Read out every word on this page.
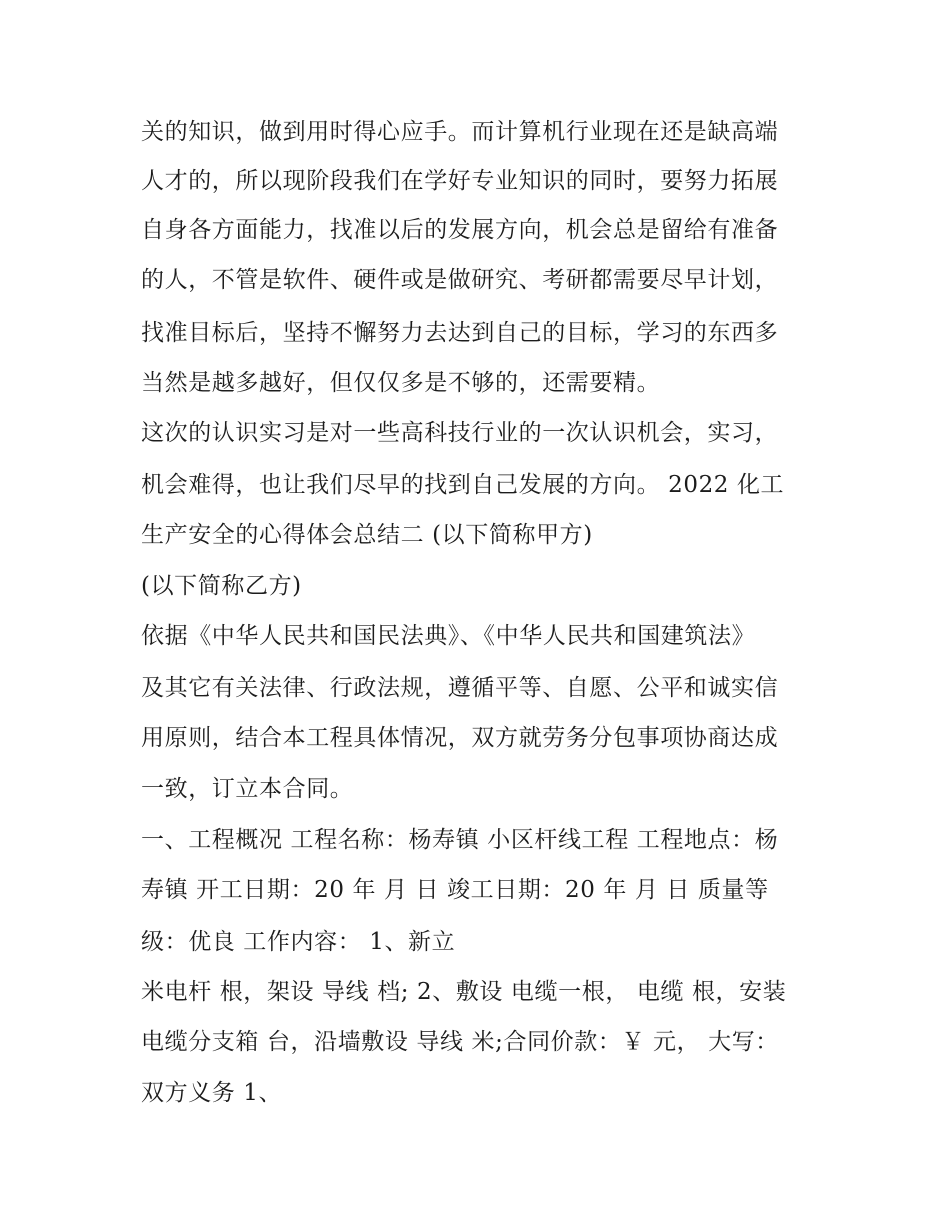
关的知识，做到用时得心应手。而计算机行业现在还是缺高端

人才的，所以现阶段我们在学好专业知识的同时，要努力拓展

自身各方面能力，找准以后的发展方向，机会总是留给有准备

的人，不管是软件、硬件或是做研究、考研都需要尽早计划，

找准目标后，坚持不懈努力去达到自己的目标，学习的东西多

当然是越多越好，但仅仅多是不够的，还需要精。

这次的认识实习是对一些高科技行业的一次认识机会，实习，

机会难得，也让我们尽早的找到自己发展的方向。 2022 化工

生产安全的心得体会总结二 (以下简称甲方)

(以下简称乙方)

依据《中华人民共和国民法典》、《中华人民共和国建筑法》

及其它有关法律、行政法规，遵循平等、自愿、公平和诚实信

用原则，结合本工程具体情况，双方就劳务分包事项协商达成

一致，订立本合同。

一、工程概况 工程名称：杨寿镇 小区杆线工程 工程地点：杨

寿镇 开工日期：20 年 月 日 竣工日期：20 年 月 日 质量等

级：优良 工作内容： 1、新立

米电杆 根，架设 导线 档; 2、敷设 电缆一根， 电缆 根，安装

电缆分支箱 台，沿墙敷设 导线 米;合同价款：￥ 元， 大写：

双方义务 1、
